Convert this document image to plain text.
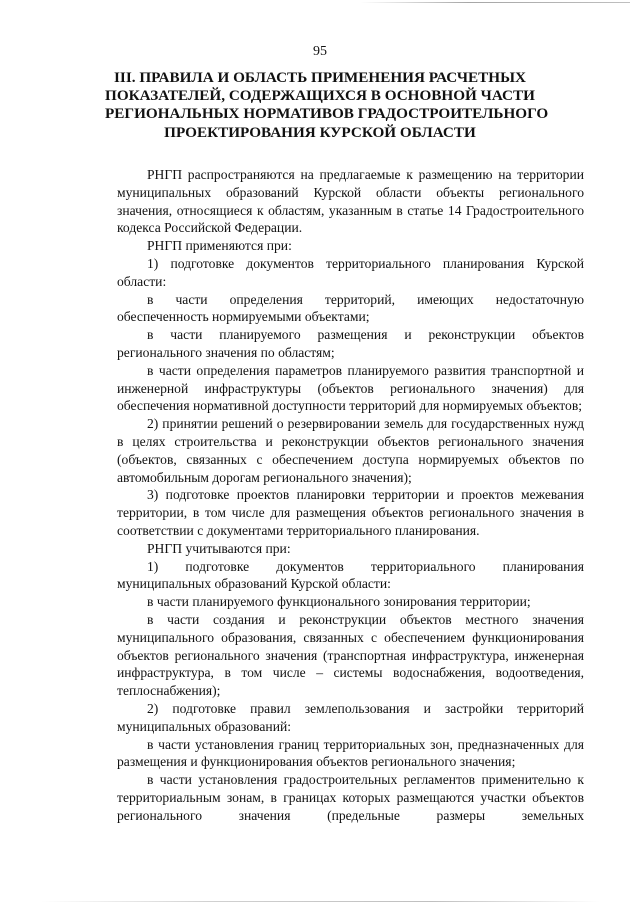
95
III. ПРАВИЛА И ОБЛАСТЬ ПРИМЕНЕНИЯ РАСЧЕТНЫХ
ПОКАЗАТЕЛЕЙ, СОДЕРЖАЩИХСЯ В ОСНОВНОЙ ЧАСТИ
РЕГИОНАЛЬНЫХ НОРМАТИВОВ ГРАДОСТРОИТЕЛЬНОГО
ПРОЕКТИРОВАНИЯ КУРСКОЙ ОБЛАСТИ

РНГП распространяются на предлагаемые к размещению на территории муниципальных образований Курской области объекты регионального значения, относящиеся к областям, указанным в статье 14 Градостроительного кодекса Российской Федерации.

РНГП применяются при:

1) подготовке документов территориального планирования Курской области:

в части определения территорий, имеющих недостаточную обеспеченность нормируемыми объектами;

в части планируемого размещения и реконструкции объектов регионального значения по областям;

в части определения параметров планируемого развития транспортной и инженерной инфраструктуры (объектов регионального значения) для обеспечения нормативной доступности территорий для нормируемых объектов;

2) принятии решений о резервировании земель для государственных нужд в целях строительства и реконструкции объектов регионального значения (объектов, связанных с обеспечением доступа нормируемых объектов по автомобильным дорогам регионального значения);

3) подготовке проектов планировки территории и проектов межевания территории, в том числе для размещения объектов регионального значения в соответствии с документами территориального планирования.

РНГП учитываются при:

1) подготовке документов территориального планирования муниципальных образований Курской области:

в части планируемого функционального зонирования территории;

в части создания и реконструкции объектов местного значения муниципального образования, связанных с обеспечением функционирования объектов регионального значения (транспортная инфраструктура, инженерная инфраструктура, в том числе – системы водоснабжения, водоотведения, теплоснабжения);

2) подготовке правил землепользования и застройки территорий муниципальных образований:

в части установления границ территориальных зон, предназначенных для размещения и функционирования объектов регионального значения;

в части установления градостроительных регламентов применительно к территориальным зонам, в границах которых размещаются участки объектов регионального значения (предельные размеры земельных
